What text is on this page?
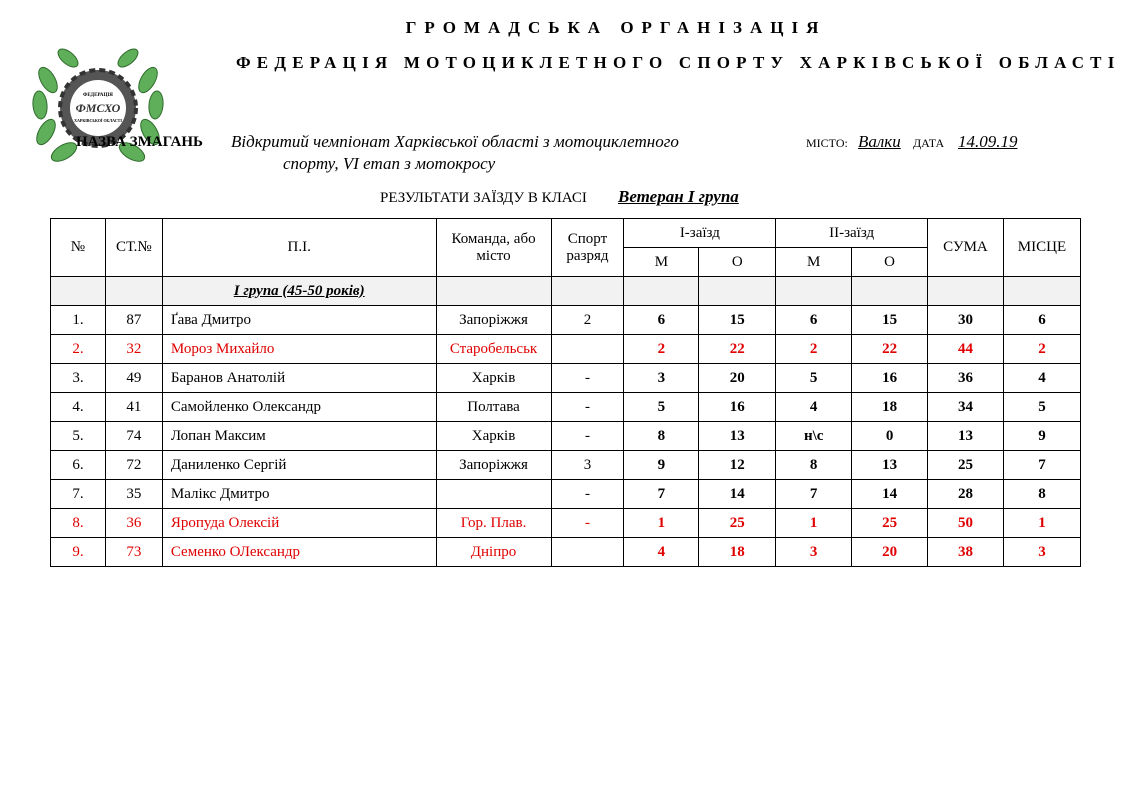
ГРОМАДСЬКА ОРГАНІЗАЦІЯ
ФЕДЕРАЦІЯ МОТОЦИКЛЕТНОГО СПОРТУ ХАРКІВСЬКОЇ ОБЛАСТІ
ФЕДЕРАЦІЯ
ФМСХО
ХАРКІВСЬКОЇ ОБЛАСТІ
НАЗВА ЗМАГАНЬ Відкритий чемпіонат Харківської області з мотоциклетного
спорту, VI етап з мотокросу
МІСТО: Валки ДАТА 14.09.19
РЕЗУЛЬТАТИ ЗАЇЗДУ В КЛАСІ Ветеран І група
№	СТ.№	П.І.	Команда, або місто	Спорт разряд	І-заїзд		ІІ-заїзд		СУМА	МІСЦЕ
					М	О	М	О		
		І група (45-50 років)								
1.	87	Ґава Дмитро	Запоріжжя	2	6	15	6	15	30	6
2.	32	Мороз Михайло	Старобельськ		2	22	2	22	44	2
3.	49	Баранов Анатолій	Харків	-	3	20	5	16	36	4
4.	41	Самойленко Олександр	Полтава	-	5	16	4	18	34	5
5.	74	Лопан Максим	Харків	-	8	13	н\с	0	13	9
6.	72	Даниленко Сергій	Запоріжжя	3	9	12	8	13	25	7
7.	35	Малікс Дмитро		-	7	14	7	14	28	8
8.	36	Яропуда Олексій	Гор. Плав.	-	1	25	1	25	50	1
9.	73	Семенко ОЛександр	Дніпро		4	18	3	20	38	3
